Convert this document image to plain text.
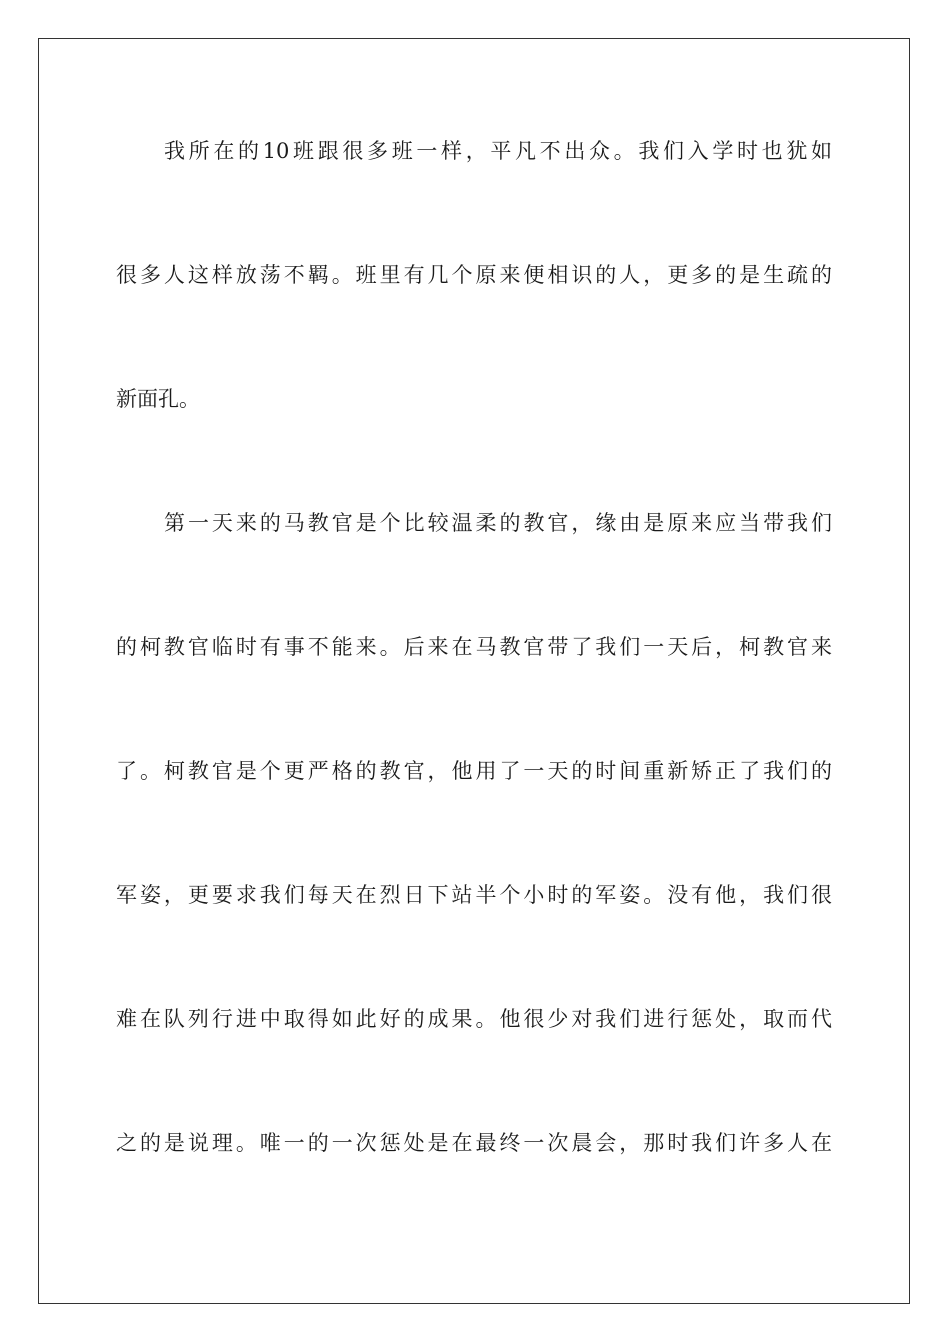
我所在的10班跟很多班一样，平凡不出众。我们入学时也犹如
很多人这样放荡不羁。班里有几个原来便相识的人，更多的是生疏的
新面孔。
第一天来的马教官是个比较温柔的教官，缘由是原来应当带我们
的柯教官临时有事不能来。后来在马教官带了我们一天后，柯教官来
了。柯教官是个更严格的教官，他用了一天的时间重新矫正了我们的
军姿，更要求我们每天在烈日下站半个小时的军姿。没有他，我们很
难在队列行进中取得如此好的成果。他很少对我们进行惩处，取而代
之的是说理。唯一的一次惩处是在最终一次晨会，那时我们许多人在
